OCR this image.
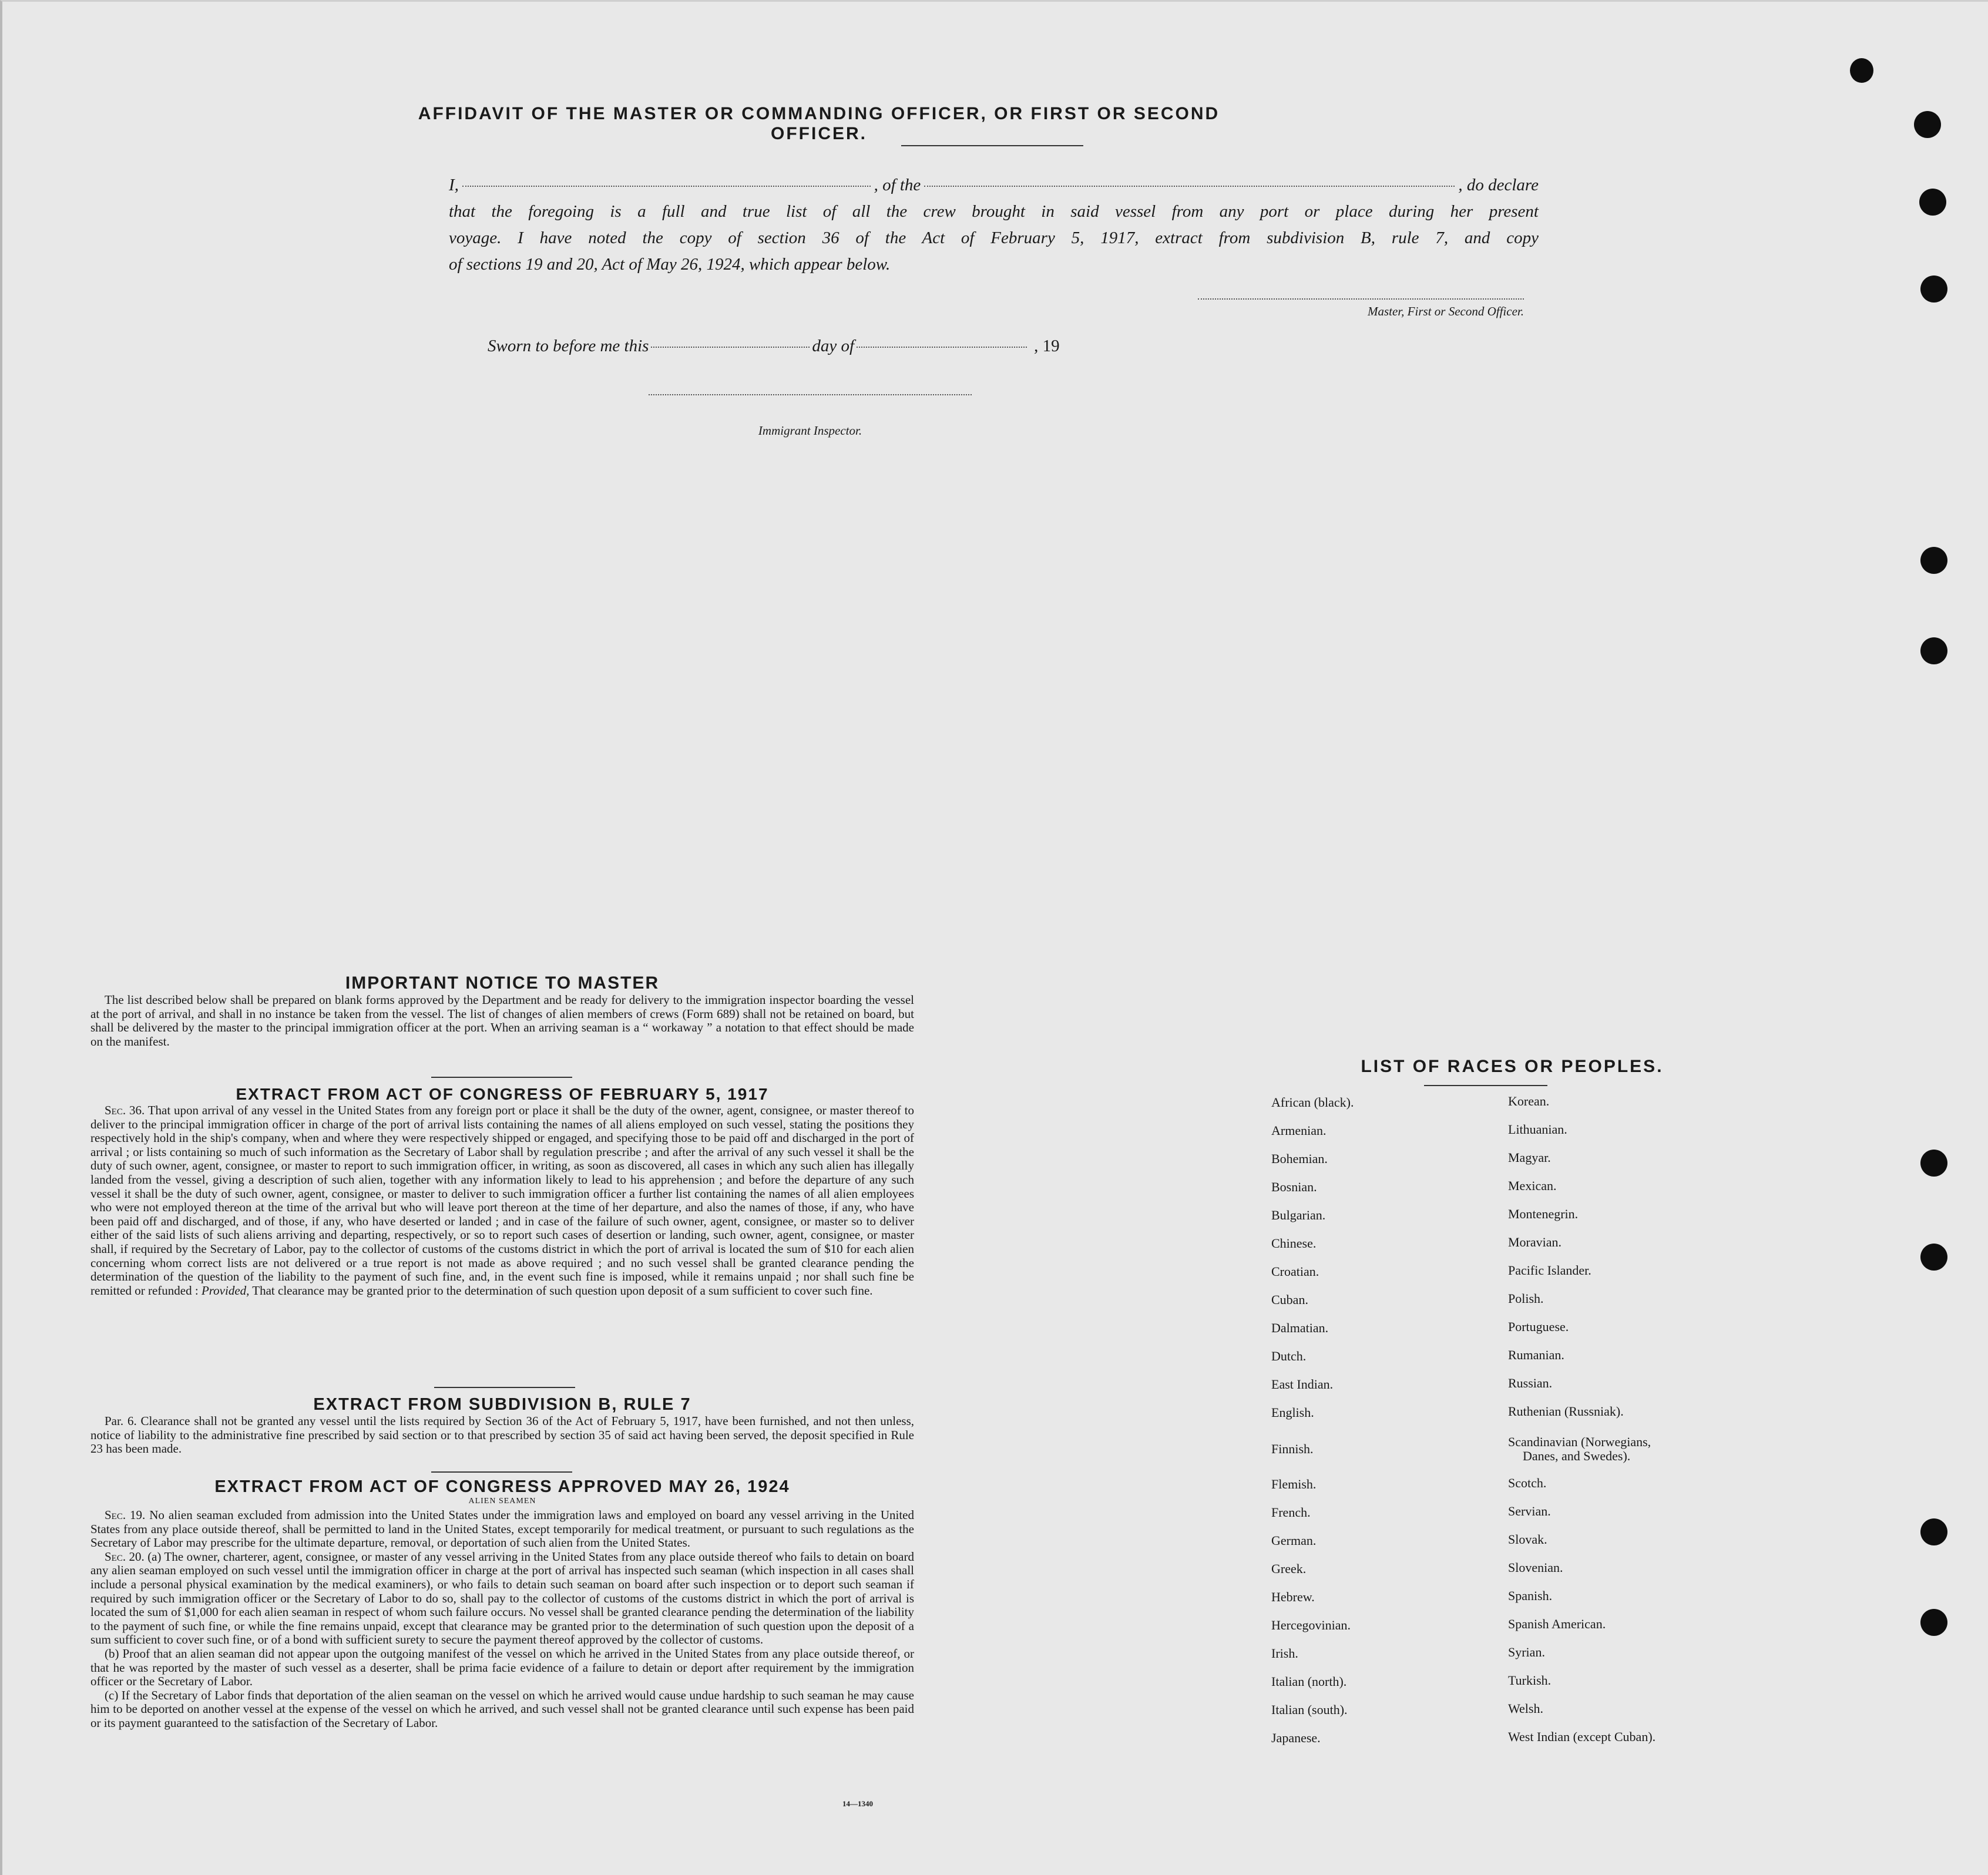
AFFIDAVIT OF THE MASTER OR COMMANDING OFFICER, OR FIRST OR SECOND OFFICER.
I,	, of the	, do declare

that the foregoing is a full and true list of all the crew brought in said vessel from any port or place during her present

voyage. I have noted the copy of section 36 of the Act of February 5, 1917, extract from subdivision B, rule 7, and copy

of sections 19 and 20, Act of May 26, 1924, which appear below.

Master, First or Second Officer.
Sworn to before me this	day of	, 19
Immigrant Inspector.
IMPORTANT NOTICE TO MASTER

The list described below shall be prepared on blank forms approved by the Department and be ready for delivery to the immigration inspector boarding the vessel at the port of arrival, and shall in no instance be taken from the vessel. The list of changes of alien members of crews (Form 689) shall not be retained on board, but shall be delivered by the master to the principal immigration officer at the port. When an arriving seaman is a “ workaway ” a notation to that effect should be made on the manifest.

EXTRACT FROM ACT OF CONGRESS OF FEBRUARY 5, 1917

Sec. 36. That upon arrival of any vessel in the United States from any foreign port or place it shall be the duty of the owner, agent, consignee, or master thereof to deliver to the principal immigration officer in charge of the port of arrival lists containing the names of all aliens employed on such vessel, stating the positions they respectively hold in the ship's company, when and where they were respectively shipped or engaged, and specifying those to be paid off and discharged in the port of arrival ; or lists containing so much of such information as the Secretary of Labor shall by regulation prescribe ; and after the arrival of any such vessel it shall be the duty of such owner, agent, consignee, or master to report to such immigration officer, in writing, as soon as discovered, all cases in which any such alien has illegally landed from the vessel, giving a description of such alien, together with any information likely to lead to his apprehension ; and before the departure of any such vessel it shall be the duty of such owner, agent, consignee, or master to deliver to such immigration officer a further list containing the names of all alien employees who were not employed thereon at the time of the arrival but who will leave port thereon at the time of her departure, and also the names of those, if any, who have been paid off and discharged, and of those, if any, who have deserted or landed ; and in case of the failure of such owner, agent, consignee, or master so to deliver either of the said lists of such aliens arriving and departing, respectively, or so to report such cases of desertion or landing, such owner, agent, consignee, or master shall, if required by the Secretary of Labor, pay to the collector of customs of the customs district in which the port of arrival is located the sum of $10 for each alien concerning whom correct lists are not delivered or a true report is not made as above required ; and no such vessel shall be granted clearance pending the determination of the question of the liability to the payment of such fine, and, in the event such fine is imposed, while it remains unpaid ; nor shall such fine be remitted or refunded : Provided, That clearance may be granted prior to the determination of such question upon deposit of a sum sufficient to cover such fine.

EXTRACT FROM SUBDIVISION B, RULE 7

Par. 6. Clearance shall not be granted any vessel until the lists required by Section 36 of the Act of February 5, 1917, have been furnished, and not then unless, notice of liability to the administrative fine prescribed by said section or to that prescribed by section 35 of said act having been served, the deposit specified in Rule 23 has been made.

EXTRACT FROM ACT OF CONGRESS APPROVED MAY 26, 1924
ALIEN SEAMEN

Sec. 19. No alien seaman excluded from admission into the United States under the immigration laws and employed on board any vessel arriving in the United States from any place outside thereof, shall be permitted to land in the United States, except temporarily for medical treatment, or pursuant to such regulations as the Secretary of Labor may prescribe for the ultimate departure, removal, or deportation of such alien from the United States.

Sec. 20. (a) The owner, charterer, agent, consignee, or master of any vessel arriving in the United States from any place outside thereof who fails to detain on board any alien seaman employed on such vessel until the immigration officer in charge at the port of arrival has inspected such seaman (which inspection in all cases shall include a personal physical examination by the medical examiners), or who fails to detain such seaman on board after such inspection or to deport such seaman if required by such immigration officer or the Secretary of Labor to do so, shall pay to the collector of customs of the customs district in which the port of arrival is located the sum of $1,000 for each alien seaman in respect of whom such failure occurs. No vessel shall be granted clearance pending the determination of the liability to the payment of such fine, or while the fine remains unpaid, except that clearance may be granted prior to the determination of such question upon the deposit of a sum sufficient to cover such fine, or of a bond with sufficient surety to secure the payment thereof approved by the collector of customs.

(b) Proof that an alien seaman did not appear upon the outgoing manifest of the vessel on which he arrived in the United States from any place outside thereof, or that he was reported by the master of such vessel as a deserter, shall be prima facie evidence of a failure to detain or deport after requirement by the immigration officer or the Secretary of Labor.

(c) If the Secretary of Labor finds that deportation of the alien seaman on the vessel on which he arrived would cause undue hardship to such seaman he may cause him to be deported on another vessel at the expense of the vessel on which he arrived, and such vessel shall not be granted clearance until such expense has been paid or its payment guaranteed to the satisfaction of the Secretary of Labor.

14—1340
LIST OF RACES OR PEOPLES.
African (black).
Armenian.
Bohemian.
Bosnian.
Bulgarian.
Chinese.
Croatian.
Cuban.
Dalmatian.
Dutch.
East Indian.
English.
Finnish.
Flemish.
French.
German.
Greek.
Hebrew.
Hercegovinian.
Irish.
Italian (north).
Italian (south).
Japanese.
Korean.
Lithuanian.
Magyar.
Mexican.
Montenegrin.
Moravian.
Pacific Islander.
Polish.
Portuguese.
Rumanian.
Russian.
Ruthenian (Russniak).
Scandinavian (Norwegians,
Danes, and Swedes).
Scotch.
Servian.
Slovak.
Slovenian.
Spanish.
Spanish American.
Syrian.
Turkish.
Welsh.
West Indian (except Cuban).
